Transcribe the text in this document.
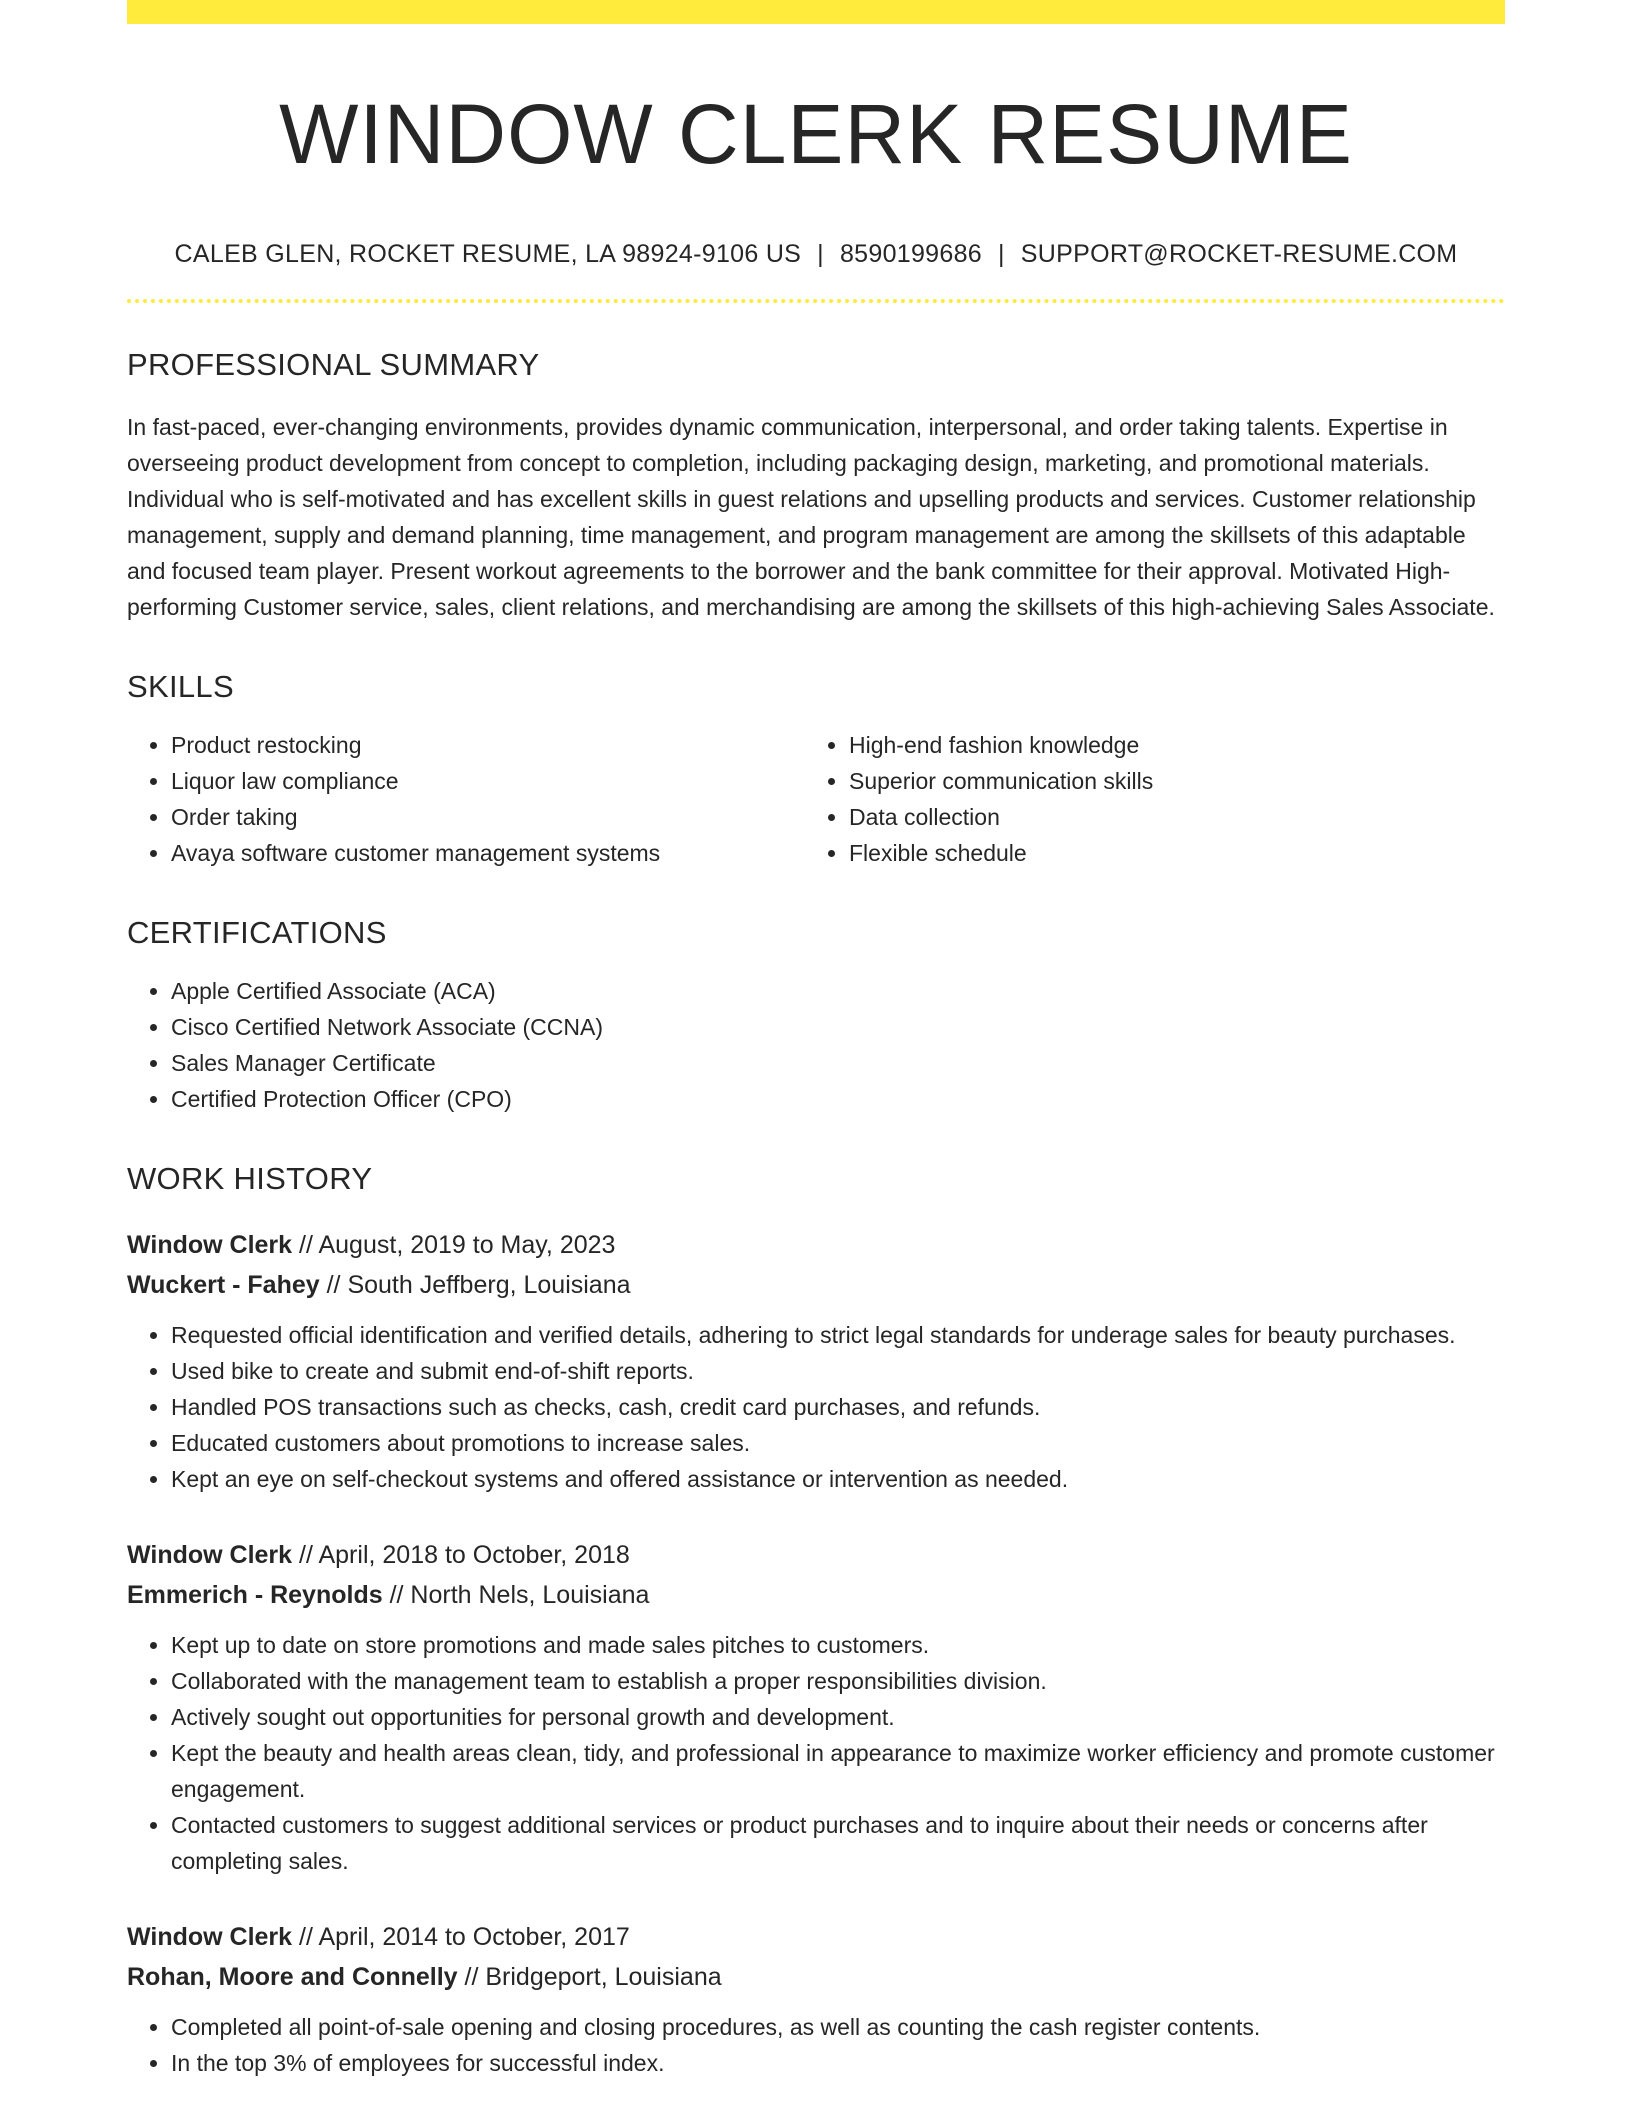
WINDOW CLERK RESUME
CALEB GLEN, ROCKET RESUME, LA 98924-9106 US | 8590199686 | SUPPORT@ROCKET-RESUME.COM
PROFESSIONAL SUMMARY
In fast-paced, ever-changing environments, provides dynamic communication, interpersonal, and order taking talents. Expertise in overseeing product development from concept to completion, including packaging design, marketing, and promotional materials. Individual who is self-motivated and has excellent skills in guest relations and upselling products and services. Customer relationship management, supply and demand planning, time management, and program management are among the skillsets of this adaptable and focused team player. Present workout agreements to the borrower and the bank committee for their approval. Motivated High-performing Customer service, sales, client relations, and merchandising are among the skillsets of this high-achieving Sales Associate.
SKILLS
• Product restocking
• Liquor law compliance
• Order taking
• Avaya software customer management systems
• High-end fashion knowledge
• Superior communication skills
• Data collection
• Flexible schedule
CERTIFICATIONS
• Apple Certified Associate (ACA)
• Cisco Certified Network Associate (CCNA)
• Sales Manager Certificate
• Certified Protection Officer (CPO)
WORK HISTORY
Window Clerk // August, 2019 to May, 2023
Wuckert - Fahey // South Jeffberg, Louisiana
• Requested official identification and verified details, adhering to strict legal standards for underage sales for beauty purchases.
• Used bike to create and submit end-of-shift reports.
• Handled POS transactions such as checks, cash, credit card purchases, and refunds.
• Educated customers about promotions to increase sales.
• Kept an eye on self-checkout systems and offered assistance or intervention as needed.
Window Clerk // April, 2018 to October, 2018
Emmerich - Reynolds // North Nels, Louisiana
• Kept up to date on store promotions and made sales pitches to customers.
• Collaborated with the management team to establish a proper responsibilities division.
• Actively sought out opportunities for personal growth and development.
• Kept the beauty and health areas clean, tidy, and professional in appearance to maximize worker efficiency and promote customer engagement.
• Contacted customers to suggest additional services or product purchases and to inquire about their needs or concerns after completing sales.
Window Clerk // April, 2014 to October, 2017
Rohan, Moore and Connelly // Bridgeport, Louisiana
• Completed all point-of-sale opening and closing procedures, as well as counting the cash register contents.
• In the top 3% of employees for successful index.
